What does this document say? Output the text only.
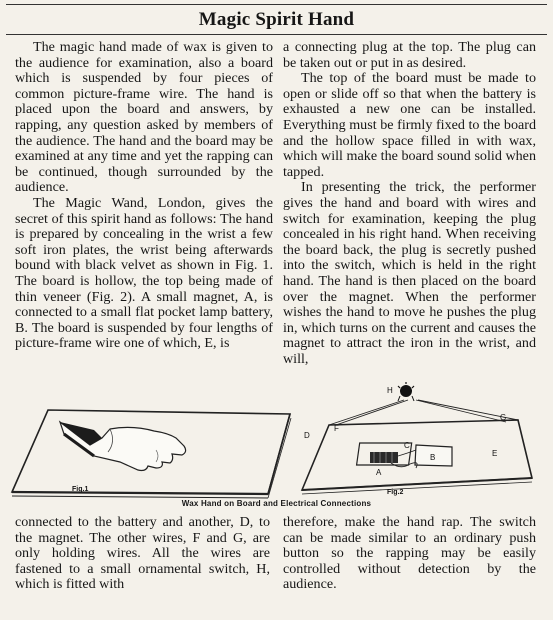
Magic Spirit Hand

The magic hand made of wax is given to the audience for examination, also a board which is suspended by four pieces of common picture-frame wire. The hand is placed upon the board and answers, by rapping, any question asked by members of the audience. The hand and the board may be examined at any time and yet the rapping can be continued, though surrounded by the audience.

The Magic Wand, London, gives the secret of this spirit hand as follows: The hand is prepared by concealing in the wrist a few soft iron plates, the wrist being afterwards bound with black velvet as shown in Fig. 1. The board is hollow, the top being made of thin veneer (Fig. 2). A small magnet, A, is connected to a small flat pocket lamp battery, B. The board is suspended by four lengths of picture-frame wire one of which, E, is

a connecting plug at the top. The plug can be taken out or put in as desired.

The top of the board must be made to open or slide off so that when the battery is exhausted a new one can be installed. Everything must be firmly fixed to the board and the hollow space filled in with wax, which will make the board sound solid when tapped.

In presenting the trick, the performer gives the hand and board with wires and switch for examination, keeping the plug concealed in his right hand. When receiving the board back, the plug is secretly pushed into the switch, which is held in the right hand. The hand is then placed on the board over the magnet. When the performer wishes the hand to move he pushes the plug in, which turns on the current and causes the magnet to attract the iron in the wrist, and will,

D
F
G
C
B
A
E
H
Fig.1	Fig.2
Wax Hand on Board and Electrical Connections

connected to the battery and another, D, to the magnet. The other wires, F and G, are only holding wires. All the wires are fastened to a small ornamental switch, H, which is fitted with

therefore, make the hand rap. The switch can be made similar to an ordinary push button so the rapping may be easily controlled without detection by the audience.
